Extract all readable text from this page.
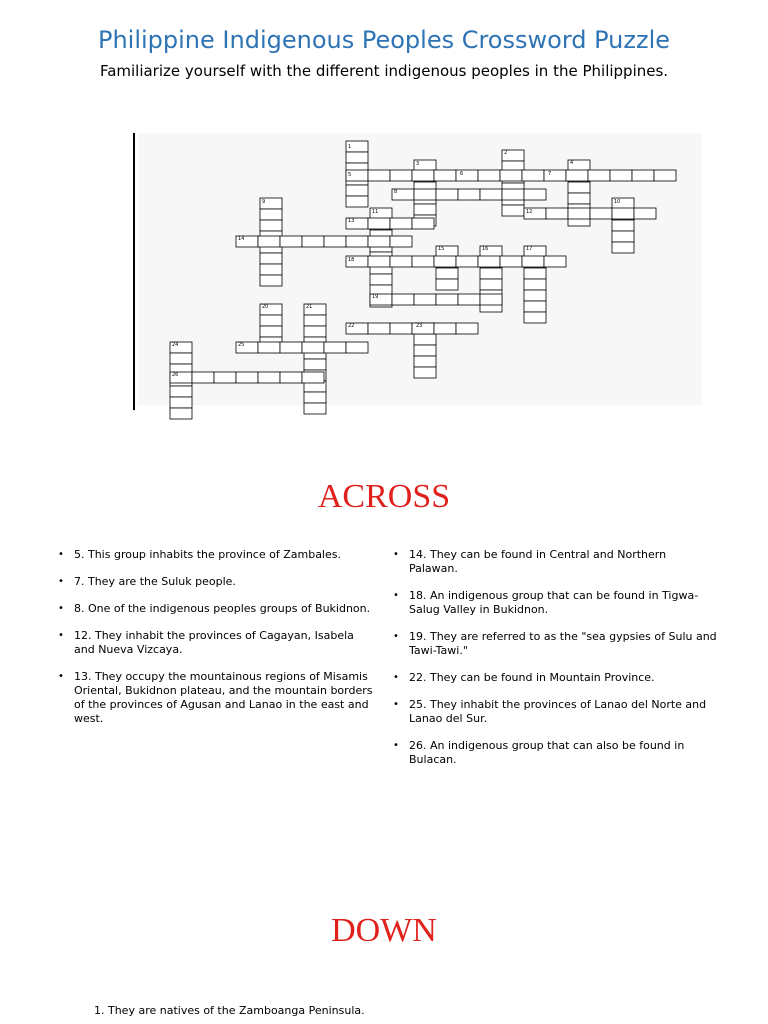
Philippine Indigenous Peoples Crossword Puzzle
Familiarize yourself with the different indigenous peoples in the Philippines.
1
2
3	4
5	6	7
8
9	10
11	12
13
14
15	16	17
18
19
20	21
22	23
24	25
26
ACROSS
• 5. This group inhabits the province of Zambales.
• 7. They are the Suluk people.
• 8. One of the indigenous peoples groups of Bukidnon.
• 12. They inhabit the provinces of Cagayan, Isabela and Nueva Vizcaya.
• 13. They occupy the mountainous regions of Misamis Oriental, Bukidnon plateau, and the mountain borders of the provinces of Agusan and Lanao in the east and west.
• 14. They can be found in Central and Northern Palawan.
• 18. An indigenous group that can be found in Tigwa-Salug Valley in Bukidnon.
• 19. They are referred to as the "sea gypsies of Sulu and Tawi-Tawi."
• 22. They can be found in Mountain Province.
• 25. They inhabit the provinces of Lanao del Norte and Lanao del Sur.
• 26. An indigenous group that can also be found in Bulacan.
DOWN
1. They are natives of the Zamboanga Peninsula.
